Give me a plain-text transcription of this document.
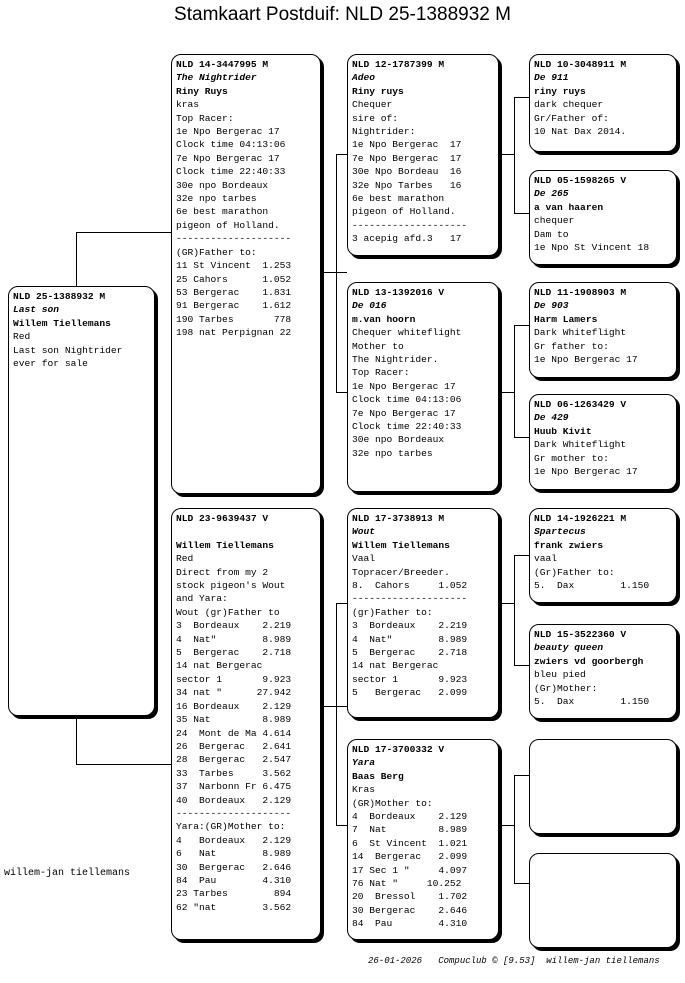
Stamkaart Postduif: NLD 25-1388932 M
NLD 25-1388932 M
Last son
Willem Tiellemans
Red
Last son Nightrider
ever for sale
NLD 14-3447995 M
The Nightrider
Riny Ruys
kras
Top Racer:
1e Npo Bergerac 17
Clock time 04:13:06
7e Npo Bergerac 17
Clock time 22:40:33
30e npo Bordeaux
32e npo tarbes
6e best marathon
pigeon of Holland.
--------------------
(GR)Father to:
11 St Vincent  1.253
25 Cahors      1.052
53 Bergerac    1.831
91 Bergerac    1.612
190 Tarbes       778
198 nat Perpignan 22
NLD 23-9639437 V

Willem Tiellemans
Red
Direct from my 2
stock pigeon's Wout
and Yara:
Wout (gr)Father to
3  Bordeaux    2.219
4  Nat"        8.989
5  Bergerac    2.718
14 nat Bergerac
sector 1       9.923
34 nat "      27.942
16 Bordeaux    2.129
35 Nat         8.989
24  Mont de Ma 4.614
26  Bergerac   2.641
28  Bergerac   2.547
33  Tarbes     3.562
37  Narbonn Fr 6.475
40  Bordeaux   2.129
--------------------
Yara:(GR)Mother to:
4   Bordeaux   2.129
6   Nat        8.989
30  Bergerac   2.646
84  Pau        4.310
23 Tarbes        894
62 "nat        3.562
NLD 12-1787399 M
Adeo
Riny ruys
Chequer
sire of:
Nightrider:
1e Npo Bergerac  17
7e Npo Bergerac  17
30e Npo Bordeau  16
32e Npo Tarbes   16
6e best marathon
pigeon of Holland.
--------------------
3 acepig afd.3   17
NLD 13-1392016 V
De 016
m.van hoorn
Chequer whiteflight
Mother to
The Nightrider.
Top Racer:
1e Npo Bergerac 17
Clock time 04:13:06
7e Npo Bergerac 17
Clock time 22:40:33
30e npo Bordeaux
32e npo tarbes
NLD 17-3738913 M
Wout
Willem Tiellemans
Vaal
Topracer/Breeder.
8.  Cahors     1.052
--------------------
(gr)Father to:
3  Bordeaux    2.219
4  Nat"        8.989
5  Bergerac    2.718
14 nat Bergerac
sector 1       9.923
5   Bergerac   2.099
NLD 17-3700332 V
Yara
Baas Berg
Kras
(GR)Mother to:
4  Bordeaux    2.129
7  Nat         8.989
6  St Vincent  1.021
14  Bergerac   2.099
17 Sec 1 "     4.097
76 Nat "     10.252
20  Bressol    1.702
30 Bergerac    2.646
84  Pau        4.310
NLD 10-3048911 M
De 911
riny ruys
dark chequer
Gr/Father of:
10 Nat Dax 2014.
NLD 05-1598265 V
De 265
a van haaren
chequer
Dam to
1e Npo St Vincent 18
NLD 11-1908903 M
De 903
Harm Lamers
Dark Whiteflight
Gr father to:
1e Npo Bergerac 17
NLD 06-1263429 V
De 429
Huub Kivit
Dark Whiteflight
Gr mother to:
1e Npo Bergerac 17
NLD 14-1926221 M
Spartecus
frank zwiers
vaal
(Gr)Father to:
5.  Dax        1.150
NLD 15-3522360 V
beauty queen
zwiers vd goorbergh
bleu pied
(Gr)Mother:
5.  Dax        1.150
willem-jan tiellemans
26-01-2026   Compuclub © [9.53]  willem-jan tiellemans
